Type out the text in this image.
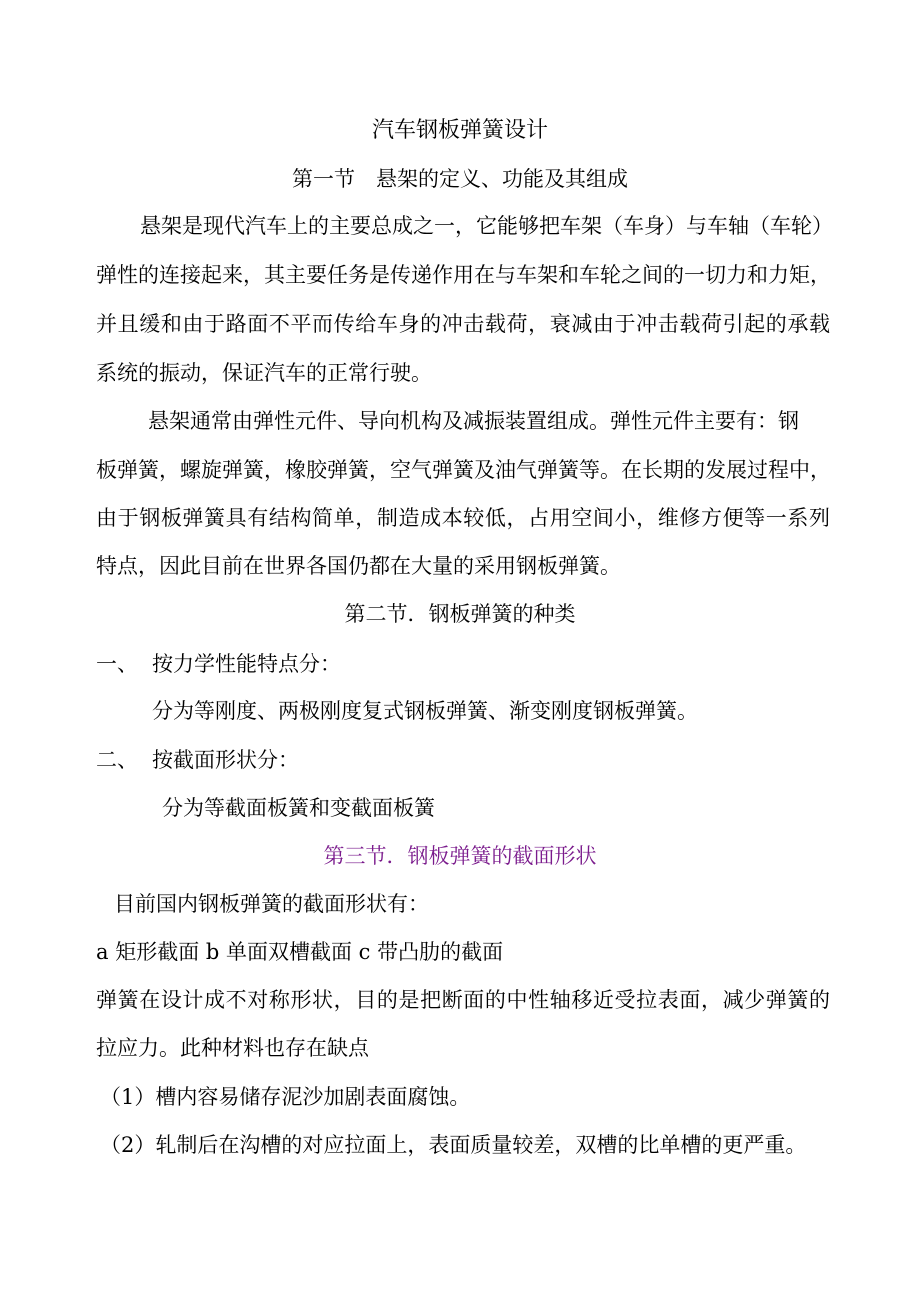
汽车钢板弹簧设计
第一节　悬架的定义、功能及其组成
悬架是现代汽车上的主要总成之一，它能够把车架（车身）与车轴（车轮）
弹性的连接起来，其主要任务是传递作用在与车架和车轮之间的一切力和力矩，
并且缓和由于路面不平而传给车身的冲击载荷，衰减由于冲击载荷引起的承载
系统的振动，保证汽车的正常行驶。
悬架通常由弹性元件、导向机构及减振装置组成。弹性元件主要有：钢
板弹簧，螺旋弹簧，橡胶弹簧，空气弹簧及油气弹簧等。在长期的发展过程中，
由于钢板弹簧具有结构简单，制造成本较低，占用空间小，维修方便等一系列
特点，因此目前在世界各国仍都在大量的采用钢板弹簧。
第二节．钢板弹簧的种类
一、 按力学性能特点分：
分为等刚度、两极刚度复式钢板弹簧、渐变刚度钢板弹簧。
二、 按截面形状分：
分为等截面板簧和变截面板簧
第三节．钢板弹簧的截面形状
目前国内钢板弹簧的截面形状有：
a 矩形截面 b 单面双槽截面 c 带凸肋的截面
弹簧在设计成不对称形状，目的是把断面的中性轴移近受拉表面，减少弹簧的
拉应力。此种材料也存在缺点
（1）槽内容易储存泥沙加剧表面腐蚀。
（2）轧制后在沟槽的对应拉面上，表面质量较差，双槽的比单槽的更严重。
